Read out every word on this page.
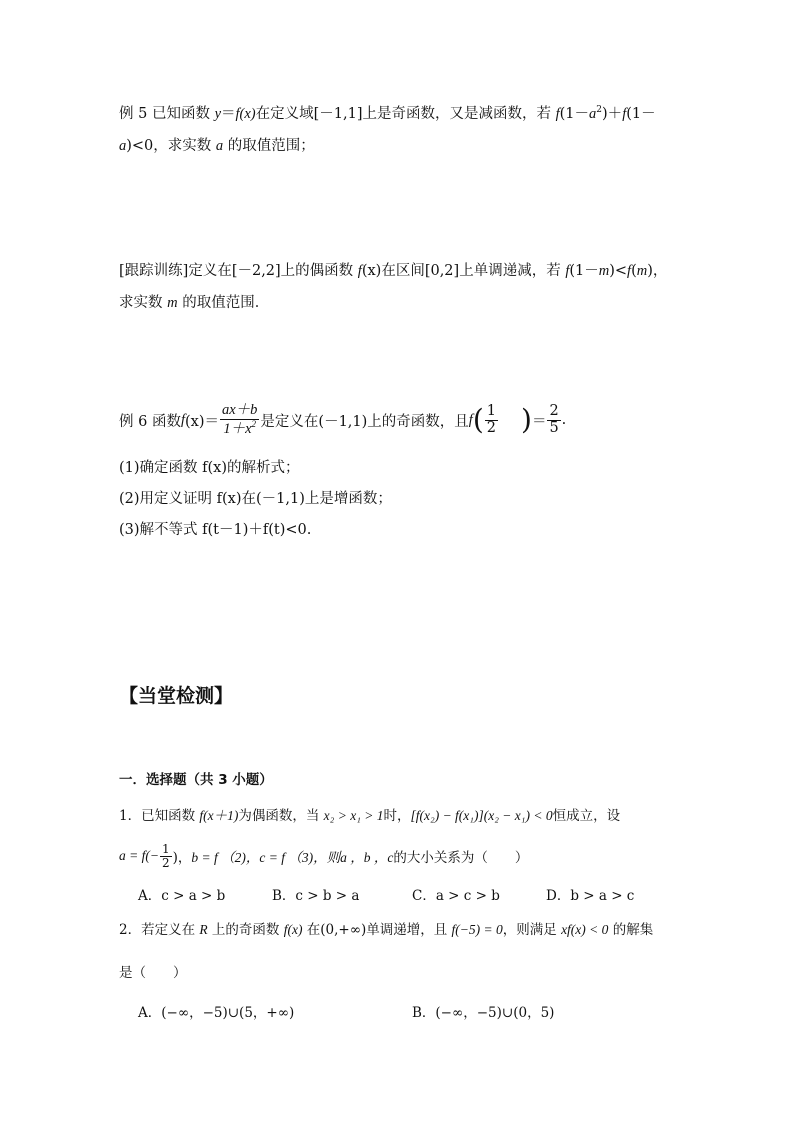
例 5 已知函数 y＝f(x)在定义域[－1,1]上是奇函数，又是减函数，若 $f(1-a^2)+f(1-$
a)<0，求实数 a 的取值范围；
[跟踪训练]定义在[－2,2]上的偶函数 f(x)在区间[0,2]上单调递减，若 f(1－m)<f(m)，
求实数 m 的取值范围．
例 6 函数 f $(x)= \frac{ax+b}{1+x^2}$ 是定义在(－1,1)上的奇函数，且 f ( $\frac{1}{2}$ ) ＝ $\frac{2}{5}$ .
(1)确定函数 f(x)的解析式；
(2)用定义证明 f(x)在(－1,1)上是增函数；
(3)解不等式 f(t－1)＋f(t)<0.
【当堂检测】
一．选择题（共 3 小题）
1．已知函数 f(x＋1)为偶函数，当 x₂ > x₁ > 1时，[f(x₂) − f(x₁)](x₂ − x₁) < 0恒成立，设
$a = f(- \frac{1}{2}$ )， b = f （2)，c = f （3)，则 a ，b ，c 的大小关系为（　　）
A．c > a > b	B．c > b > a	C．a > c > b	D．b > a > c
2．若定义在 R 上的奇函数 f(x) 在(0,+∞)单调递增，且 f(−5) = 0，则满足 xf(x) < 0 的解集
是（　　）
A．(−∞，−5)∪(5，+∞)	B．(−∞，−5)∪(0，5)
